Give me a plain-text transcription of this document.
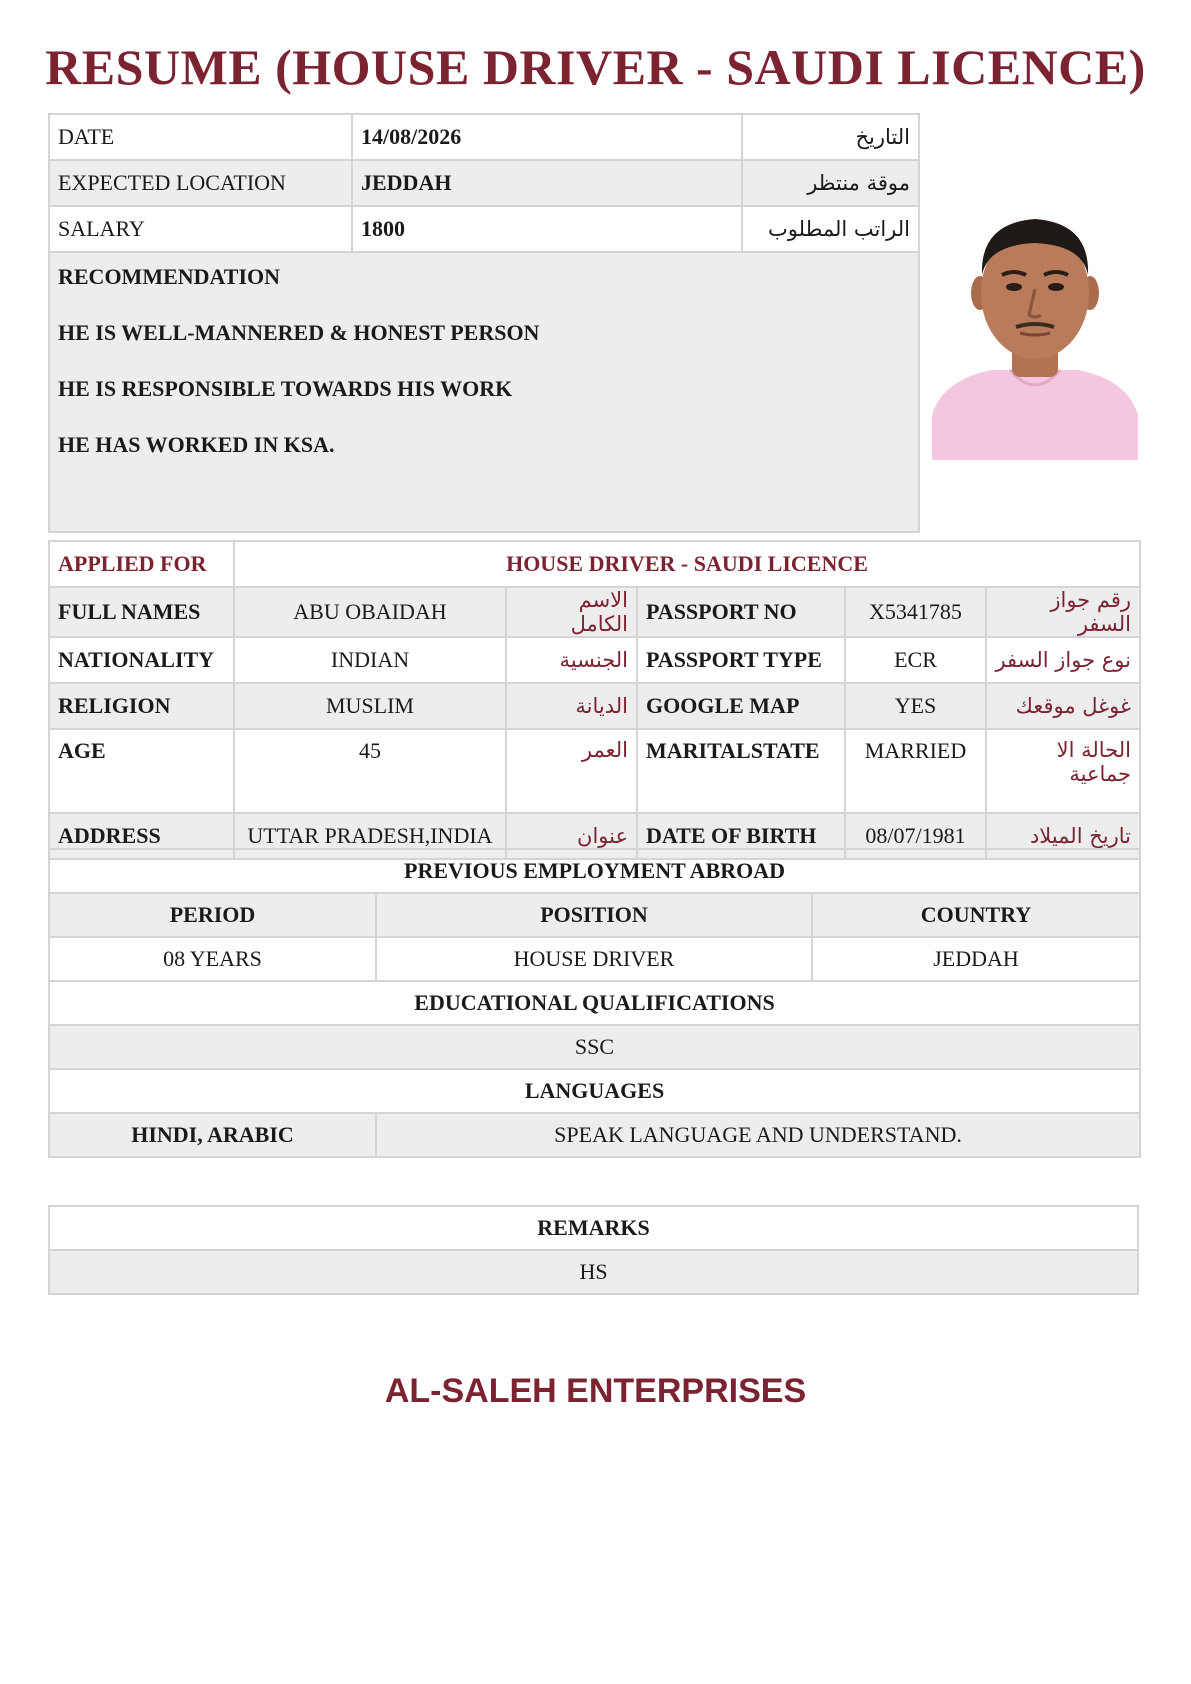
RESUME (HOUSE DRIVER - SAUDI LICENCE)
DATE	14/08/2026	التاريخ
EXPECTED LOCATION	JEDDAH	موقة منتظر
SALARY	1800	الراتب المطلوب

RECOMMENDATION
HE IS WELL-MANNERED & HONEST PERSON
HE IS RESPONSIBLE TOWARDS HIS WORK
HE HAS WORKED IN KSA.		
APPLIED FOR	HOUSE DRIVER - SAUDI LICENCE				
FULL NAMES	ABU OBAIDAH	الاسم الكامل	PASSPORT NO	X5341785	رقم جواز السفر
NATIONALITY	INDIAN	الجنسية	PASSPORT TYPE	ECR	نوع جواز السفر
RELIGION	MUSLIM	الديانة	GOOGLE MAP	YES	غوغل موقعك
AGE	45	العمر	MARITALSTATE	MARRIED	الحالة الا جماعية
ADDRESS	UTTAR PRADESH,INDIA	عنوان	DATE OF BIRTH	08/07/1981	تاريخ الميلاد
PREVIOUS EMPLOYMENT ABROAD		
PERIOD	POSITION	COUNTRY
08 YEARS	HOUSE DRIVER	JEDDAH
EDUCATIONAL QUALIFICATIONS		
SSC		
LANGUAGES		
HINDI, ARABIC	SPEAK LANGUAGE AND UNDERSTAND.	
REMARKS
HS
AL-SALEH ENTERPRISES
